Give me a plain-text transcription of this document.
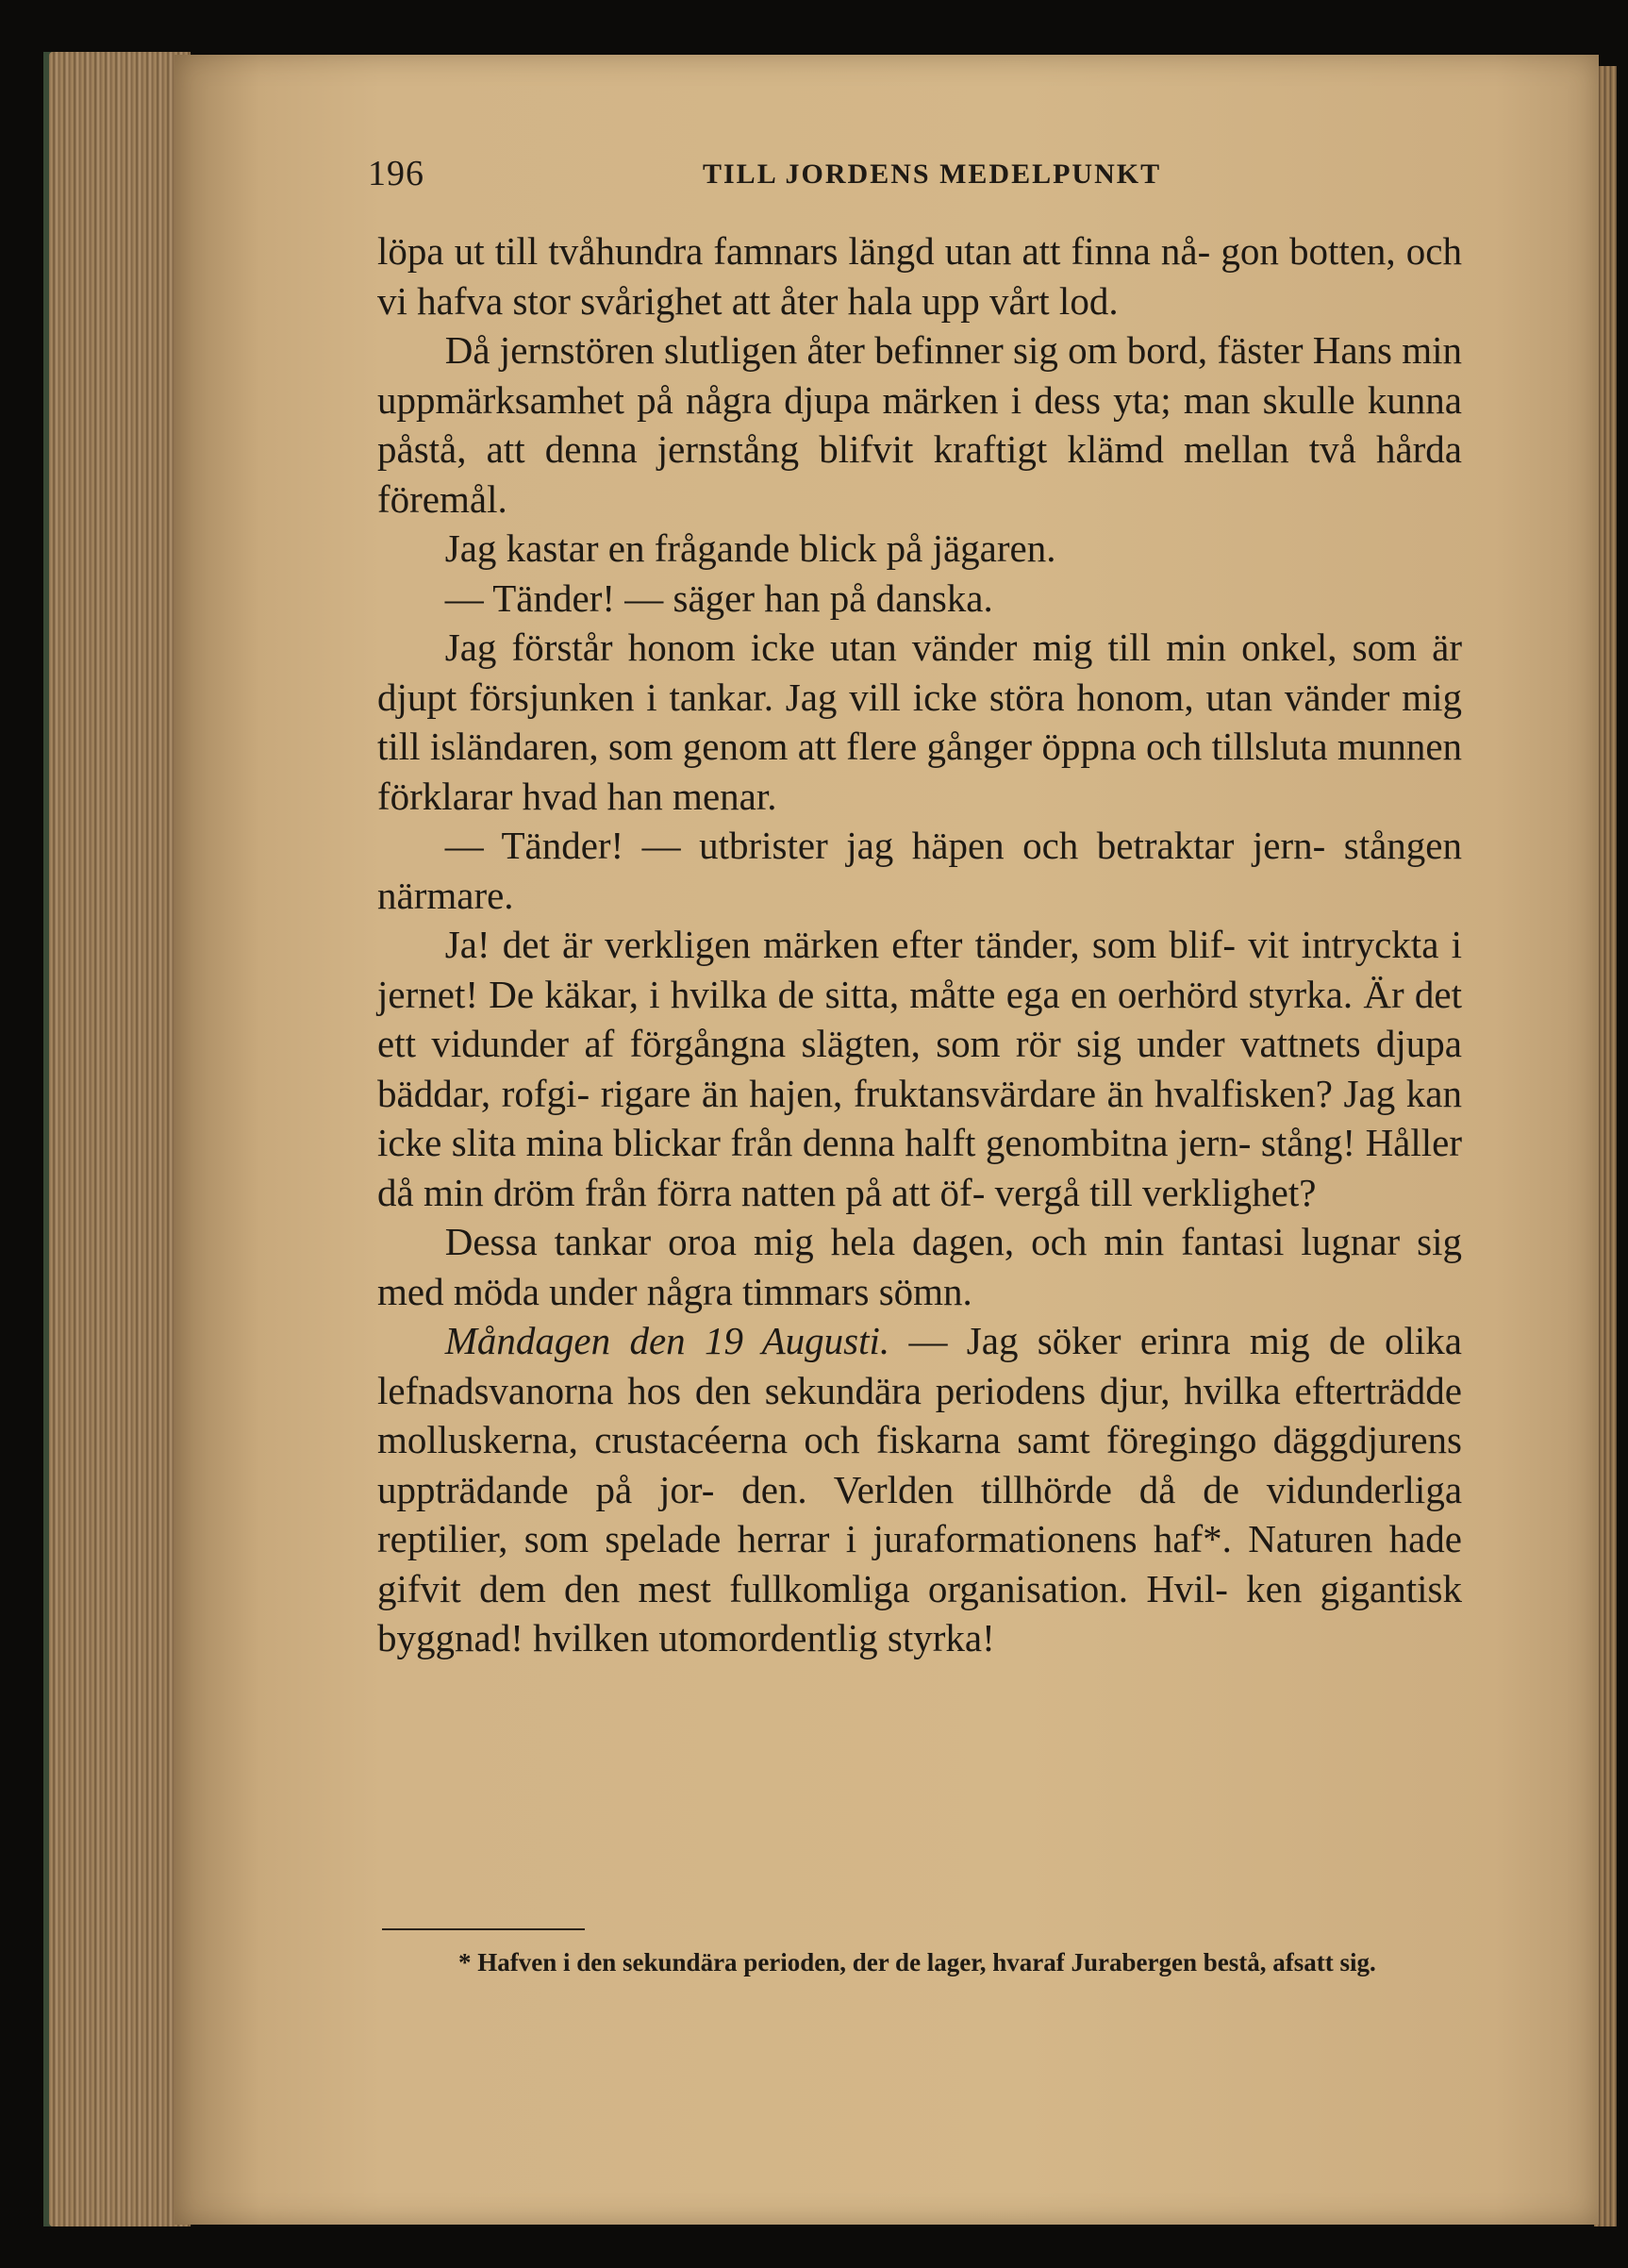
196	TILL JORDENS MEDELPUNKT

löpa ut till tvåhundra famnars längd utan att finna nå- gon botten, och vi hafva stor svårighet att åter hala upp vårt lod.

Då jernstören slutligen åter befinner sig om bord, fäster Hans min uppmärksamhet på några djupa märken i dess yta; man skulle kunna påstå, att denna jernstång blifvit kraftigt klämd mellan två hårda föremål.

Jag kastar en frågande blick på jägaren.

— Tänder! — säger han på danska.

Jag förstår honom icke utan vänder mig till min onkel, som är djupt försjunken i tankar. Jag vill icke störa honom, utan vänder mig till isländaren, som genom att flere gånger öppna och tillsluta munnen förklarar hvad han menar.

— Tänder! — utbrister jag häpen och betraktar jern- stången närmare.

Ja! det är verkligen märken efter tänder, som blif- vit intryckta i jernet! De käkar, i hvilka de sitta, måtte ega en oerhörd styrka. Är det ett vidunder af förgångna slägten, som rör sig under vattnets djupa bäddar, rofgi- rigare än hajen, fruktansvärdare än hvalfisken? Jag kan icke slita mina blickar från denna halft genombitna jern- stång! Håller då min dröm från förra natten på att öf- vergå till verklighet?

Dessa tankar oroa mig hela dagen, och min fantasi lugnar sig med möda under några timmars sömn.

Måndagen den 19 Augusti. — Jag söker erinra mig de olika lefnadsvanorna hos den sekundära periodens djur, hvilka efterträdde molluskerna, crustacéerna och fiskarna samt föregingo däggdjurens uppträdande på jor- den. Verlden tillhörde då de vidunderliga reptilier, som spelade herrar i juraformationens haf*. Naturen hade gifvit dem den mest fullkomliga organisation. Hvil- ken gigantisk byggnad! hvilken utomordentlig styrka!

* Hafven i den sekundära perioden, der de lager, hvaraf Jurabergen bestå, afsatt sig.
